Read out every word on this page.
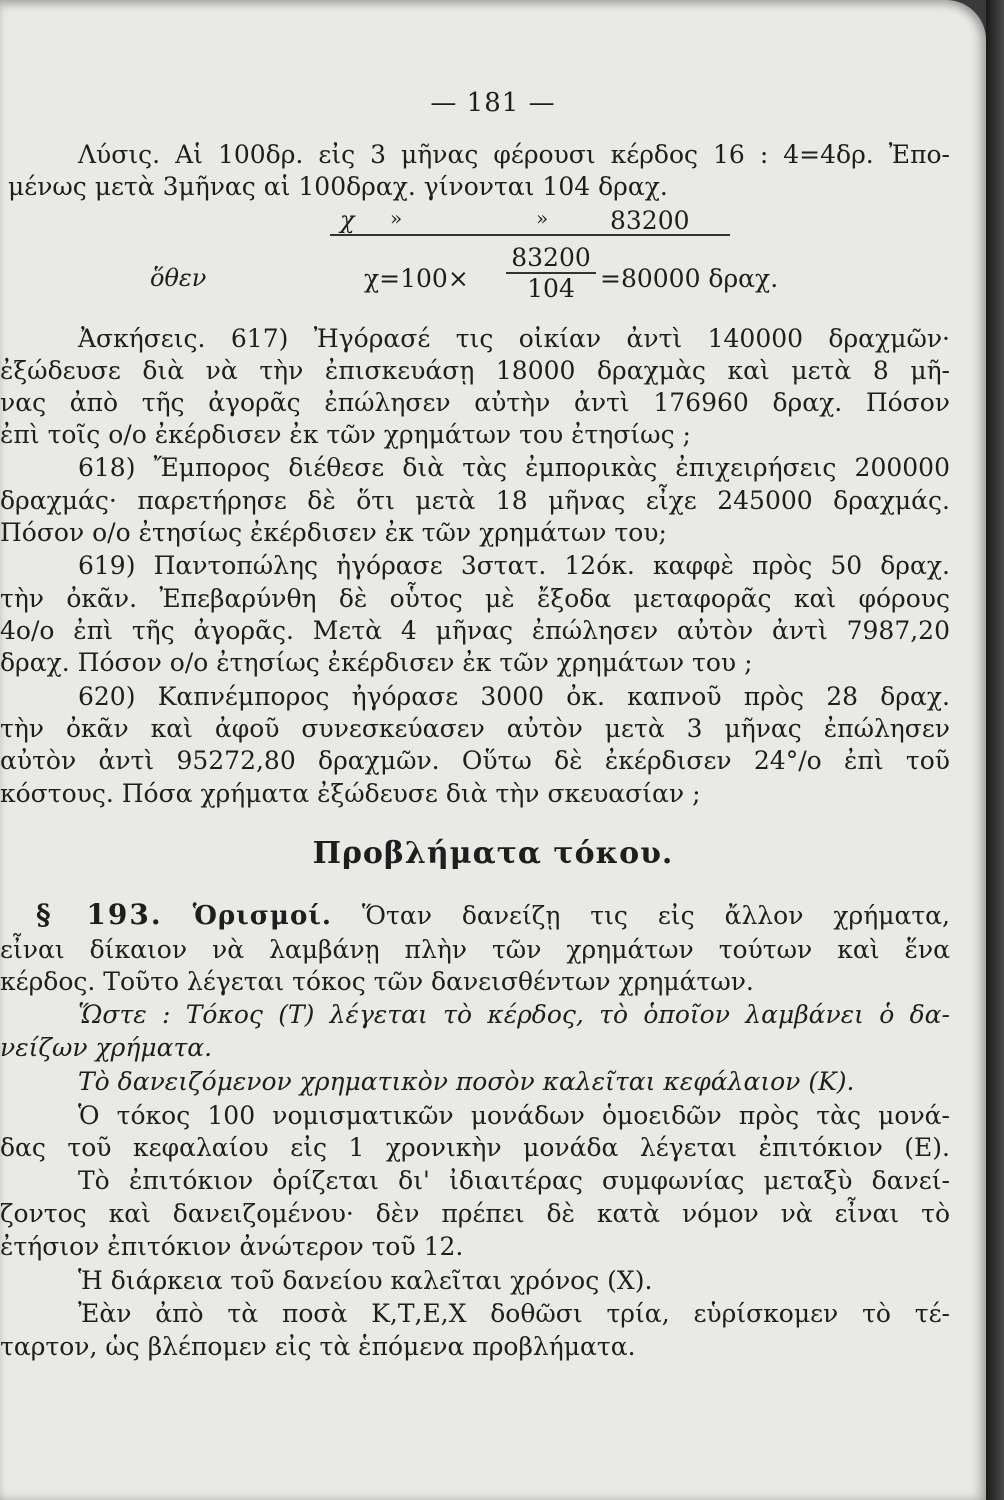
— 181 —
Λύσις. Αἱ 100δρ. εἰς 3 μῆνας φέρουσι κέρδος 16 : 4=4δρ. Ἐπο-
μένως μετὰ 3μῆνας αἱ 100δραχ. γίνονται 104 δραχ.
χ »	» 83200
ὅθεν	$\chi=100\times \frac{83200}{104} =80000$ δραχ.
Ἀσκήσεις. 617) Ἠγόρασέ τις οἰκίαν ἀντὶ 140000 δραχμῶν·
ἐξώδευσε διὰ νὰ τὴν ἐπισκευάσῃ 18000 δραχμὰς καὶ μετὰ 8 μῆ-
νας ἀπὸ τῆς ἀγορᾶς ἐπώλησεν αὐτὴν ἀντὶ 176960 δραχ. Πόσον
ἐπὶ τοῖς ο/ο ἐκέρδισεν ἐκ τῶν χρημάτων του ἐτησίως ;
618) Ἔμπορος διέθεσε διὰ τὰς ἐμπορικὰς ἐπιχειρήσεις 200000
δραχμάς· παρετήρησε δὲ ὅτι μετὰ 18 μῆνας εἶχε 245000 δραχμάς.
Πόσον ο/ο ἐτησίως ἐκέρδισεν ἐκ τῶν χρημάτων του;
619) Παντοπώλης ἠγόρασε 3στατ. 12όκ. καφφὲ πρὸς 50 δραχ.
τὴν ὀκᾶν. Ἐπεβαρύνθη δὲ οὗτος μὲ ἔξοδα μεταφορᾶς καὶ φόρους
4ο/ο ἐπὶ τῆς ἀγορᾶς. Μετὰ 4 μῆνας ἐπώλησεν αὐτὸν ἀντὶ 7987,20
δραχ. Πόσον ο/ο ἐτησίως ἐκέρδισεν ἐκ τῶν χρημάτων του ;
620) Καπνέμπορος ἠγόρασε 3000 ὀκ. καπνοῦ πρὸς 28 δραχ.
τὴν ὀκᾶν καὶ ἀφοῦ συνεσκεύασεν αὐτὸν μετὰ 3 μῆνας ἐπώλησεν
αὐτὸν ἀντὶ 95272,80 δραχμῶν. Οὕτω δὲ ἐκέρδισεν 24°/ο ἐπὶ τοῦ
κόστους. Πόσα χρήματα ἐξώδευσε διὰ τὴν σκευασίαν ;
Προβλήματα τόκου.
§ 193. Ὁρισμοί. Ὅταν δανείζῃ τις εἰς ἄλλον χρήματα,
εἶναι δίκαιον νὰ λαμβάνῃ πλὴν τῶν χρημάτων τούτων καὶ ἕνα
κέρδος. Τοῦτο λέγεται τόκος τῶν δανεισθέντων χρημάτων.
Ὥστε : Τόκος (Τ) λέγεται τὸ κέρδος, τὸ ὁποῖον λαμβάνει ὁ δα-
νείζων χρήματα.
Τὸ δανειζόμενον χρηματικὸν ποσὸν καλεῖται κεφάλαιον (Κ).
Ὁ τόκος 100 νομισματικῶν μονάδων ὁμοειδῶν πρὸς τὰς μονά-
δας τοῦ κεφαλαίου εἰς 1 χρονικὴν μονάδα λέγεται ἐπιτόκιον (Ε).
Τὸ ἐπιτόκιον ὁρίζεται δι' ἰδιαιτέρας συμφωνίας μεταξὺ δανεί-
ζοντος καὶ δανειζομένου· δὲν πρέπει δὲ κατὰ νόμον νὰ εἶναι τὸ
ἐτήσιον ἐπιτόκιον ἀνώτερον τοῦ 12.
Ἡ διάρκεια τοῦ δανείου καλεῖται χρόνος (Χ).
Ἐὰν ἀπὸ τὰ ποσὰ Κ,Τ,Ε,Χ δοθῶσι τρία, εὑρίσκομεν τὸ τέ-
ταρτον, ὡς βλέπομεν εἰς τὰ ἑπόμενα προβλήματα.
